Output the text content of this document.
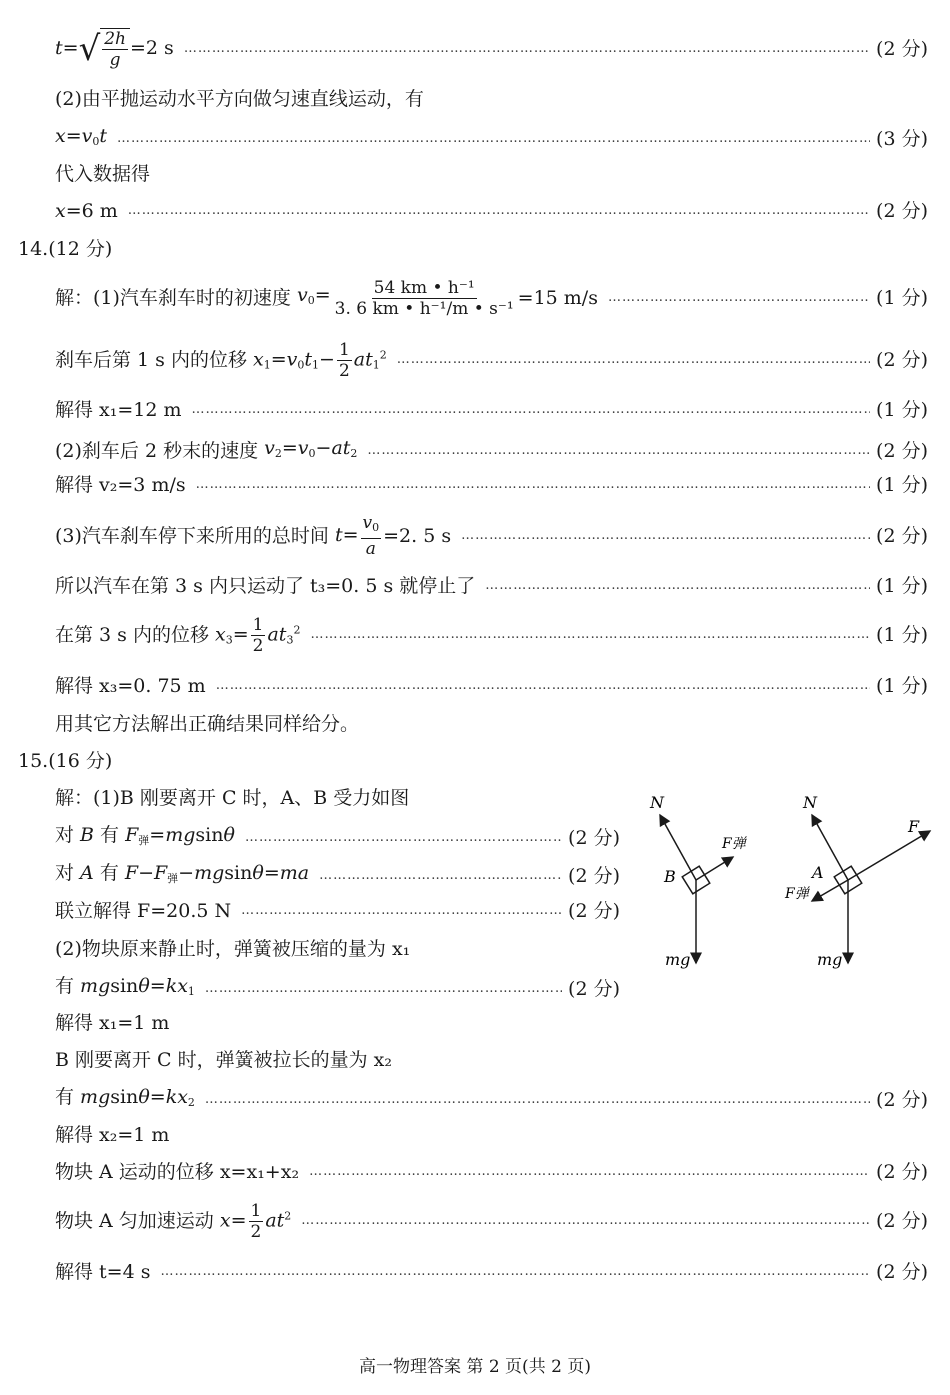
t= √ $\frac{2h}{g} =2$ s ………………………………………………………………………………………………………………………………………………………………………………………………………………	(2 分)
(2)由平抛运动水平方向做匀速直线运动，有
$x=v_0t$ ………………………………………………………………………………………………………………………………………………………………………………………………………………	(3 分)
代入数据得
x=6 m ………………………………………………………………………………………………………………………………………………………………………………………………………………	(2 分)
14.(12 分)
解：(1)汽车刹车时的初速度 $v_0= \frac{\text{54 km • h⁻¹}}{\text{3. 6 km • h⁻¹/m • s⁻¹}} =15$ m/s ………………………………………………………………………………………………………………………………………………………………………………………………………………	(1 分)
刹车后第 1 s 内的位移 $x_1=v_0t_1- \frac{1}{2} at_1^2$ ………………………………………………………………………………………………………………………………………………………………………………………………………………	(2 分)
解得 x₁=12 m ………………………………………………………………………………………………………………………………………………………………………………………………………………	(1 分)
(2)刹车后 2 秒末的速度 $v_2=v_0-at_2$ ………………………………………………………………………………………………………………………………………………………………………………………………………………	(2 分)
解得 v₂=3 m/s ………………………………………………………………………………………………………………………………………………………………………………………………………………	(1 分)
(3)汽车刹车停下来所用的总时间 $t= \frac{v_0}{a} =2$. 5 s ………………………………………………………………………………………………………………………………………………………………………………………………………………	(2 分)
所以汽车在第 3 s 内只运动了 t₃=0. 5 s 就停止了 ………………………………………………………………………………………………………………………………………………………………………………………………………………	(1 分)
在第 3 s 内的位移 $x_3= \frac{1}{2} at_3^2$ ………………………………………………………………………………………………………………………………………………………………………………………………………………	(1 分)
解得 x₃=0. 75 m ………………………………………………………………………………………………………………………………………………………………………………………………………………	(1 分)
用其它方法解出正确结果同样给分。
15.(16 分)
解：(1)B 刚要离开 C 时，A、B 受力如图
对 B 有 $F_弹=mgsin\theta$ ………………………………………………………………………………………………………………………………………………………………………………………………………………	(2 分)
对 A 有 $F-F_弹-mgsin\theta=ma$ ………………………………………………………………………………………………………………………………………………………………………………………………………………	(2 分)
联立解得 F=20.5 N ………………………………………………………………………………………………………………………………………………………………………………………………………………	(2 分)
(2)物块原来静止时，弹簧被压缩的量为 x₁
有 $mgsin\theta=kx_1$ ………………………………………………………………………………………………………………………………………………………………………………………………………………	(2 分)
解得 x₁=1 m
B 刚要离开 C 时，弹簧被拉长的量为 x₂
有 $mgsin\theta=kx_2$ ………………………………………………………………………………………………………………………………………………………………………………………………………………	(2 分)
解得 x₂=1 m
物块 A 运动的位移 x=x₁+x₂ ………………………………………………………………………………………………………………………………………………………………………………………………………………	(2 分)
物块 A 匀加速运动 $x= \frac{1}{2} at^2$ ………………………………………………………………………………………………………………………………………………………………………………………………………………	(2 分)
解得 t=4 s ………………………………………………………………………………………………………………………………………………………………………………………………………………	(2 分)
N
F弹
B
mg
N
F
A
F弹
mg
高一物理答案 第 2 页(共 2 页)
